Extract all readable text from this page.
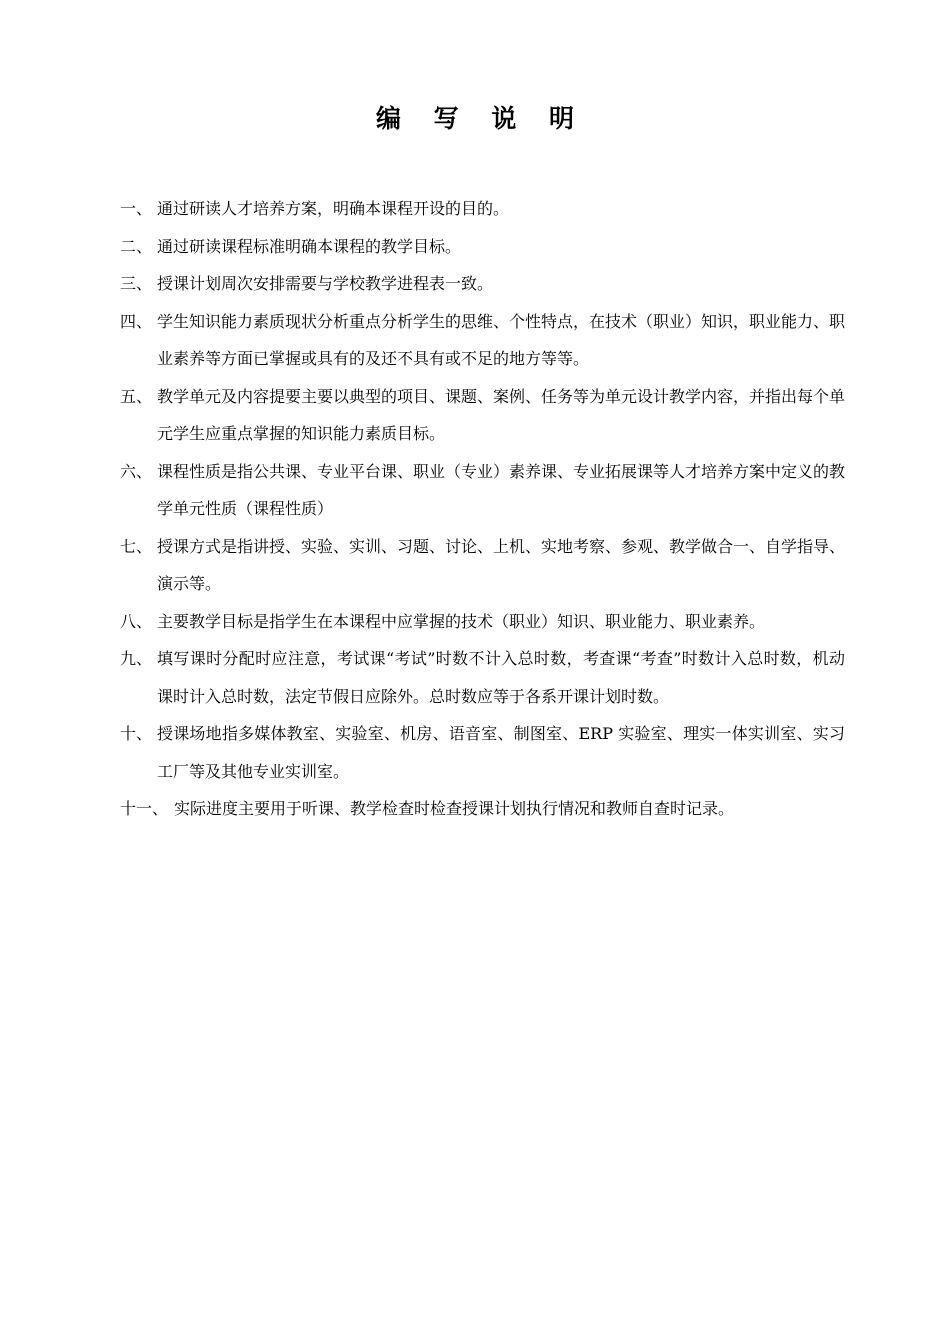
编 写 说 明
一、 通过研读人才培养方案，明确本课程开设的目的。
二、 通过研读课程标准明确本课程的教学目标。
三、 授课计划周次安排需要与学校教学进程表一致。
四、 学生知识能力素质现状分析重点分析学生的思维、个性特点，在技术（职业）知识，职业能力、职业素养等方面已掌握或具有的及还不具有或不足的地方等等。
五、 教学单元及内容提要主要以典型的项目、课题、案例、任务等为单元设计教学内容，并指出每个单元学生应重点掌握的知识能力素质目标。
六、 课程性质是指公共课、专业平台课、职业（专业）素养课、专业拓展课等人才培养方案中定义的教学单元性质（课程性质）
七、 授课方式是指讲授、实验、实训、习题、讨论、上机、实地考察、参观、教学做合一、自学指导、演示等。
八、 主要教学目标是指学生在本课程中应掌握的技术（职业）知识、职业能力、职业素养。
九、 填写课时分配时应注意，考试课“考试”时数不计入总时数，考查课“考查”时数计入总时数，机动课时计入总时数，法定节假日应除外。总时数应等于各系开课计划时数。
十、 授课场地指多媒体教室、实验室、机房、语音室、制图室、ERP 实验室、理实一体实训室、实习工厂等及其他专业实训室。
十一、 实际进度主要用于听课、教学检查时检查授课计划执行情况和教师自查时记录。
